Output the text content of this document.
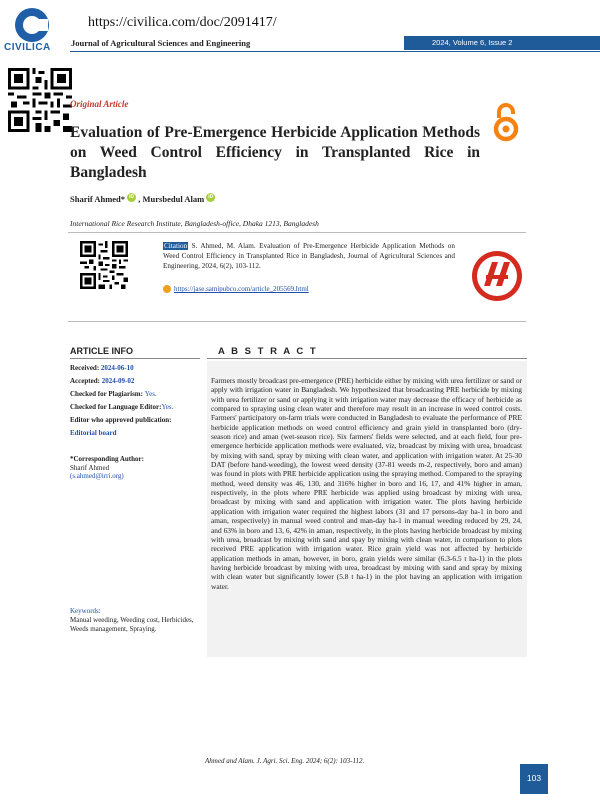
CIVILICA
https://civilica.com/doc/2091417/
Journal of Agricultural Sciences and Engineering	2024, Volume 6, Issue 2
Original Article
Evaluation of Pre-Emergence Herbicide Application Methods on Weed Control Efficiency in Transplanted Rice in Bangladesh
Sharif Ahmed* iD , Mursbedul Alam iD
International Rice Research Institute, Bangladesh-office, Dhaka 1213, Bangladesh
Citation S. Ahmed, M. Alam. Evaluation of Pre-Emergence Herbicide Application Methods on Weed Control Efficiency in Transplanted Rice in Bangladesh, Journal of Agricultural Sciences and Engineering, 2024, 6(2), 103-112.
https://jase.samipubco.com/article_205569.html
ARTICLE INFO
Received: 2024-06-10
Accepted: 2024-09-02
Checked for Plagiarism: Yes.
Checked for Language Editor:Yes.
Editor who approved publication:
Editorial board
*Corresponding Author:
Sharif Ahmed
(s.ahmed@irri.org)
Keywords:
Manual weeding, Weeding cost, Herbicides, Weeds management, Spraying.
A B S T R A C T
Farmers mostly broadcast pre-emergence (PRE) herbicide either by mixing with urea fertilizer or sand or apply with irrigation water in Bangladesh. We hypothesized that broadcasting PRE herbicide by mixing with urea fertilizer or sand or applying it with irrigation water may decrease the efficacy of herbicide as compared to spraying using clean water and therefore may result in an increase in weed control costs. Farmers' participatory on-farm trials were conducted in Bangladesh to evaluate the performance of PRE herbicide application methods on weed control efficiency and grain yield in transplanted boro (dry-season rice) and aman (wet-season rice). Six farmers' fields were selected, and at each field, four pre-emergence herbicide application methods were evaluated, viz, broadcast by mixing with urea, broadcast by mixing with sand, spray by mixing with clean water, and application with irrigation water. At 25-30 DAT (before hand-weeding), the lowest weed density (37-81 weeds m-2, respectively, boro and aman) was found in plots with PRE herbicide application using the spraying method. Compared to the spraying method, weed density was 46, 130, and 316% higher in boro and 16, 17, and 41% higher in aman, respectively, in the plots where PRE herbicide was applied using broadcast by mixing with urea, broadcast by mixing with sand and application with irrigation water. The plots having herbicide application with irrigation water required the highest labors (31 and 17 persons-day ha-1 in boro and aman, respectively) in manual weed control and man-day ha-1 in manual weeding reduced by 29, 24, and 63% in boro and 13, 6, 42% in aman, respectively, in the plots having herbicide broadcast by mixing with urea, broadcast by mixing with sand and spay by mixing with clean water, in comparison to plots received PRE application with irrigation water. Rice grain yield was not affected by herbicide application methods in aman, however, in boro, grain yields were similar (6.3-6.5 t ha-1) in the plots having herbicide broadcast by mixing with urea, broadcast by mixing with sand and spray by mixing with clean water but significantly lower (5.8 t ha-1) in the plot having an application with irrigation water.
Ahmed and Alam. J. Agri. Sci. Eng. 2024; 6(2): 103-112.
103
